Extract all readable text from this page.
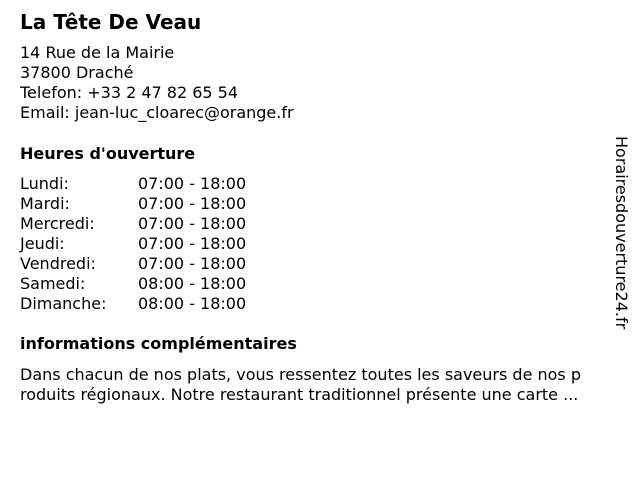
La Tête De Veau
14 Rue de la Mairie
37800 Draché
Telefon: +33 2 47 82 65 54
Email: jean-luc_cloarec@orange.fr
Heures d'ouverture
Lundi:	07:00 - 18:00
Mardi:	07:00 - 18:00
Mercredi:	07:00 - 18:00
Jeudi:	07:00 - 18:00
Vendredi:	07:00 - 18:00
Samedi:	08:00 - 18:00
Dimanche:	08:00 - 18:00
informations complémentaires
Dans chacun de nos plats, vous ressentez toutes les saveurs de nos p
roduits régionaux. Notre restaurant traditionnel présente une carte ...
Horairesdouverture24.fr
